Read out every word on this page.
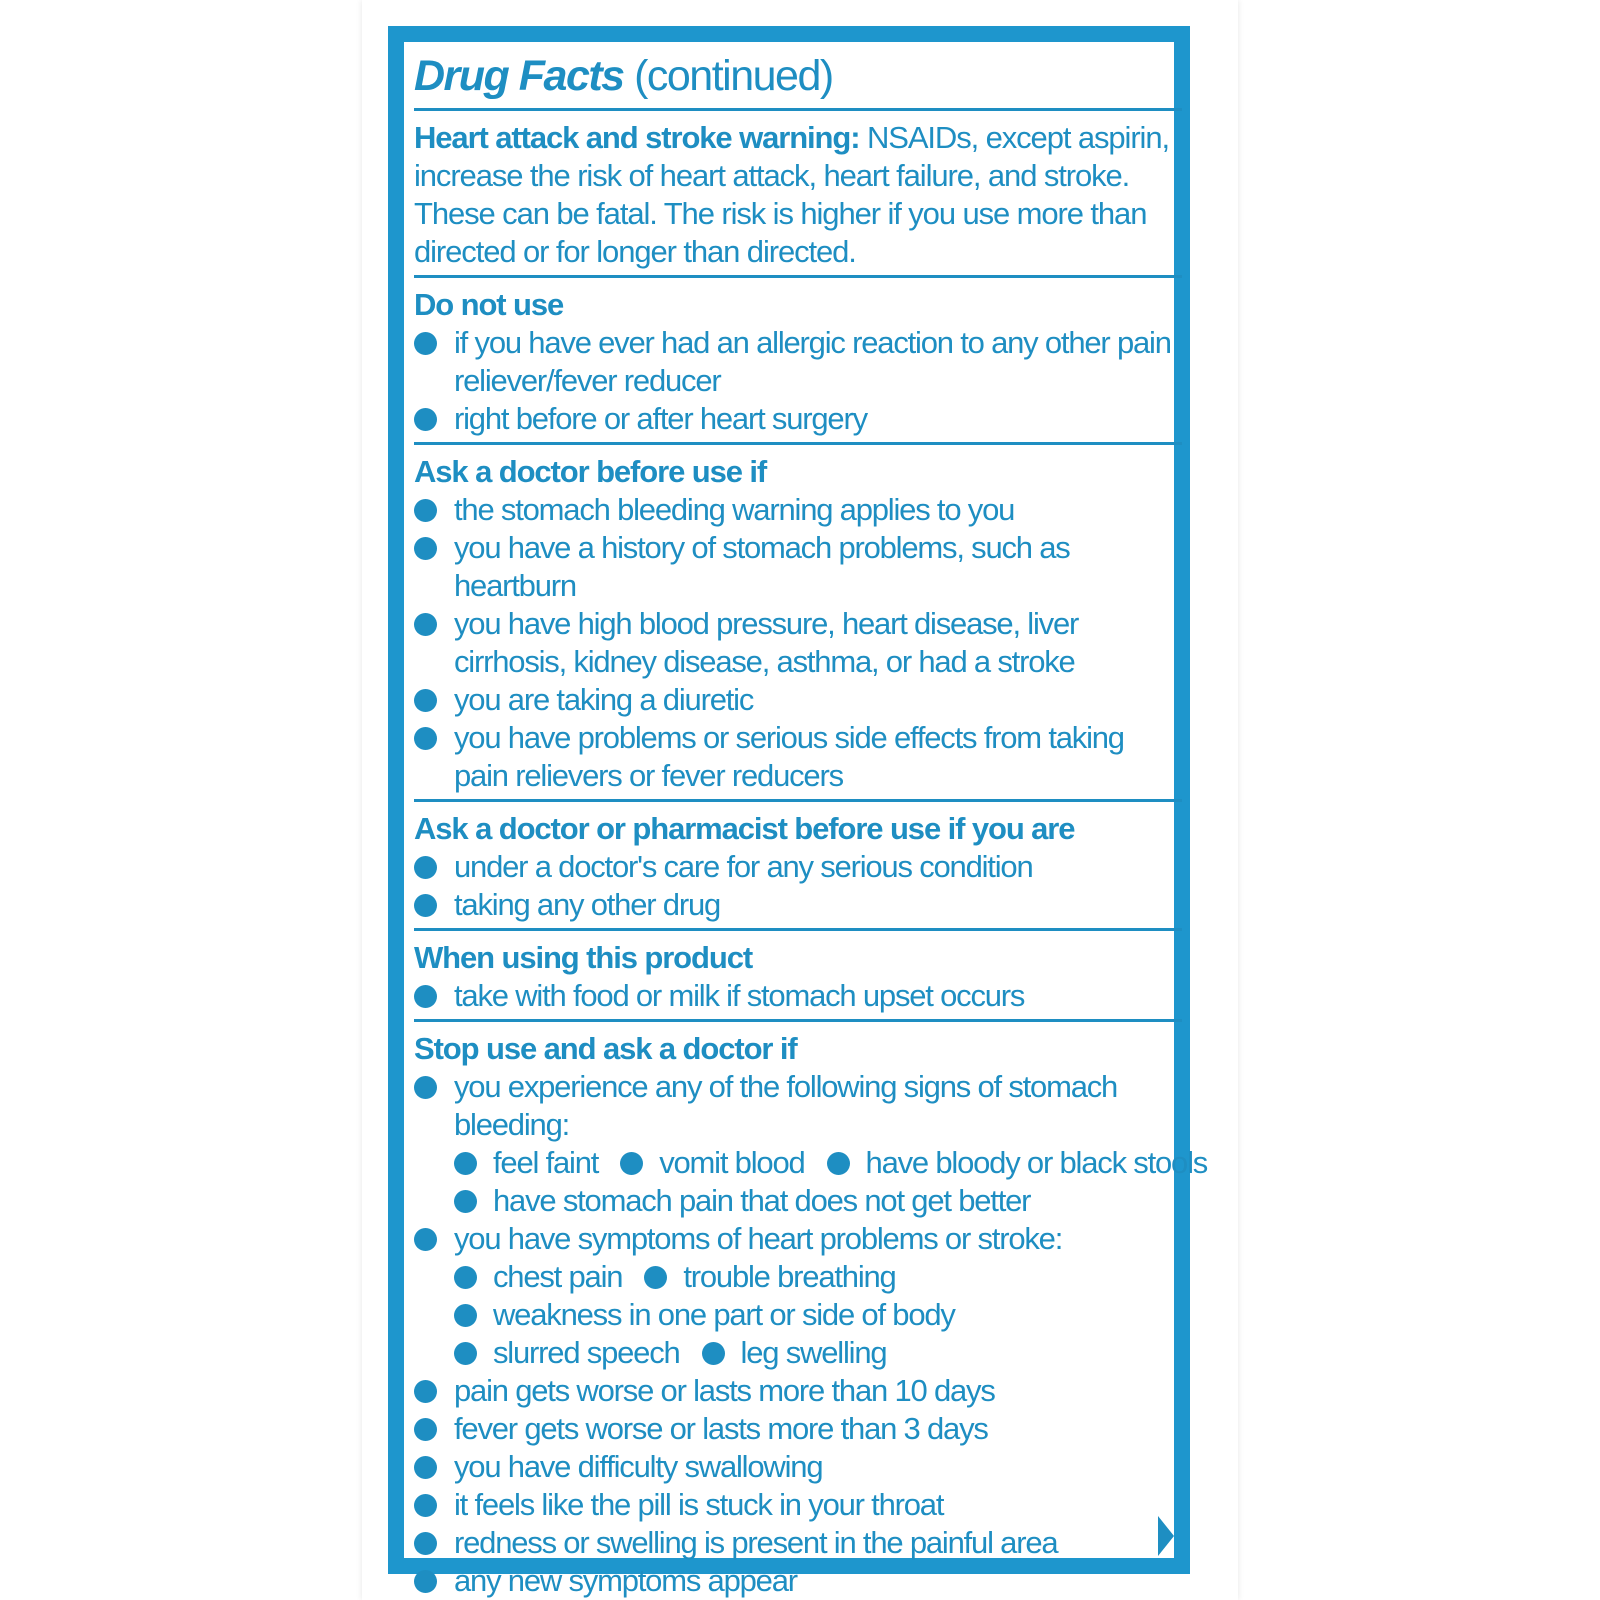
Drug Facts (continued)
Heart attack and stroke warning: NSAIDs, except aspirin, increase the risk of heart attack, heart failure, and stroke. These can be fatal. The risk is higher if you use more than directed or for longer than directed.
Do not use
if you have ever had an allergic reaction to any other pain reliever/fever reducer
right before or after heart surgery
Ask a doctor before use if
the stomach bleeding warning applies to you
you have a history of stomach problems, such as heartburn
you have high blood pressure, heart disease, liver cirrhosis, kidney disease, asthma, or had a stroke
you are taking a diuretic
you have problems or serious side effects from taking pain relievers or fever reducers
Ask a doctor or pharmacist before use if you are
under a doctor's care for any serious condition
taking any other drug
When using this product
take with food or milk if stomach upset occurs
Stop use and ask a doctor if
you experience any of the following signs of stomach bleeding:
feel faint vomit blood have bloody or black stools
have stomach pain that does not get better
you have symptoms of heart problems or stroke:
chest pain trouble breathing
weakness in one part or side of body
slurred speech leg swelling
pain gets worse or lasts more than 10 days
fever gets worse or lasts more than 3 days
you have difficulty swallowing
it feels like the pill is stuck in your throat
redness or swelling is present in the painful area
any new symptoms appear
